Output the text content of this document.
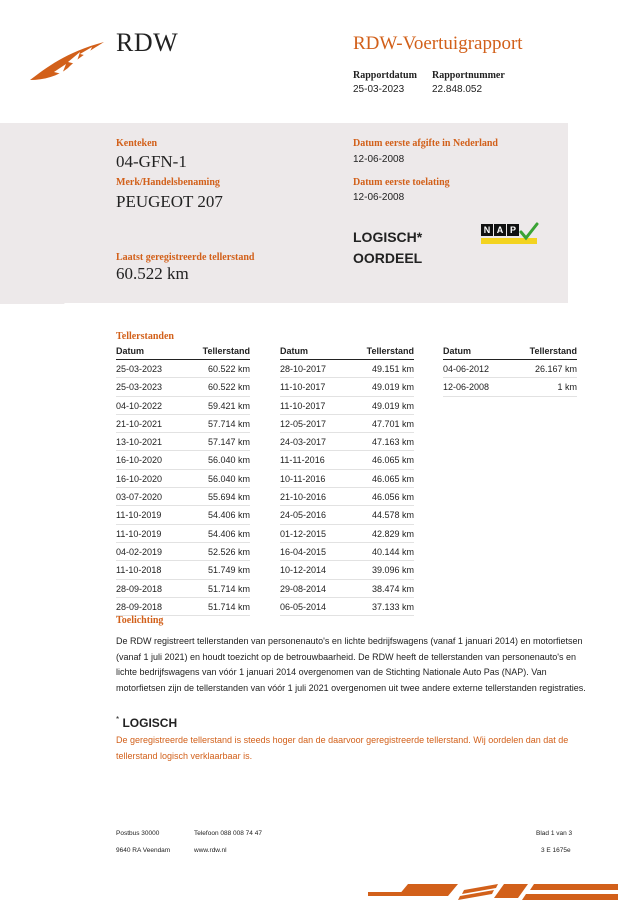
RDW	RDW-Voertuigrapport
Rapportdatum
25-03-2023
Rapportnummer
22.848.052
Kenteken
04-GFN-1
Merk/Handelsbenaming
PEUGEOT 207
Laatst geregistreerde tellerstand
60.522 km
Datum eerste afgifte in Nederland
12-06-2008
Datum eerste toelating
12-06-2008
LOGISCH*
OORDEEL
N A P
Tellerstanden
Datum	Tellerstand
25-03-2023	60.522 km
25-03-2023	60.522 km
04-10-2022	59.421 km
21-10-2021	57.714 km
13-10-2021	57.147 km
16-10-2020	56.040 km
16-10-2020	56.040 km
03-07-2020	55.694 km
11-10-2019	54.406 km
11-10-2019	54.406 km
04-02-2019	52.526 km
11-10-2018	51.749 km
28-09-2018	51.714 km
28-09-2018	51.714 km
Datum	Tellerstand
28-10-2017	49.151 km
11-10-2017	49.019 km
11-10-2017	49.019 km
12-05-2017	47.701 km
24-03-2017	47.163 km
11-11-2016	46.065 km
10-11-2016	46.065 km
21-10-2016	46.056 km
24-05-2016	44.578 km
01-12-2015	42.829 km
16-04-2015	40.144 km
10-12-2014	39.096 km
29-08-2014	38.474 km
06-05-2014	37.133 km
Datum	Tellerstand
04-06-2012	26.167 km
12-06-2008	1 km
Toelichting
De RDW registreert tellerstanden van personenauto's en lichte bedrijfswagens (vanaf 1 januari 2014) en motorfietsen (vanaf 1 juli 2021) en houdt toezicht op de betrouwbaarheid. De RDW heeft de tellerstanden van personenauto's en lichte bedrijfswagens van vóór 1 januari 2014 overgenomen van de Stichting Nationale Auto Pas (NAP). Van motorfietsen zijn de tellerstanden van vóór 1 juli 2021 overgenomen uit twee andere externe tellerstanden registraties.
* LOGISCH
De geregistreerde tellerstand is steeds hoger dan de daarvoor geregistreerde tellerstand. Wij oordelen dan dat de tellerstand logisch verklaarbaar is.
Postbus 30000
9640 RA Veendam
Telefoon 088 008 74 47
www.rdw.nl
Blad 1 van 3
3 E 1675e
